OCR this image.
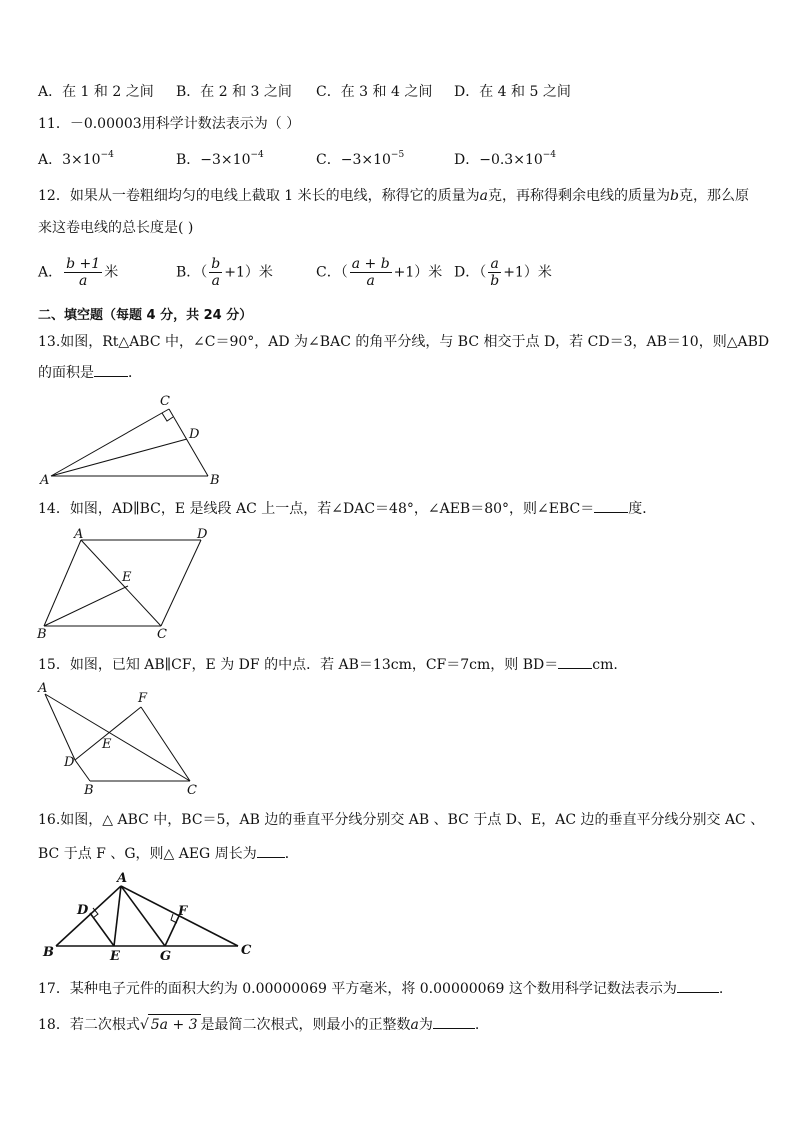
A．在 1 和 2 之间 B．在 2 和 3 之间 C．在 3 和 4 之间 D．在 4 和 5 之间
11．－0.00003用科学计数法表示为（ ）
A．$3\times 10^{-4}$	B．$-3\times 10^{-4}$	C．$-3\times 10^{-5}$	D．$-0.3\times 10^{-4}$
12．如果从一卷粗细均匀的电线上截取 1 米长的电线，称得它的质量为a克，再称得剩余电线的质量为b克，那么原
来这卷电线的总长度是( )
A． $\frac{b +1}{a}$ 米	B．（ $\frac{b}{a} +1$）米	C．（ $\frac{a + b}{a} +1$）米 D．（ $\frac{a}{b} +1$）米
二、填空题（每题 4 分，共 24 分）
13.如图，Rt△ABC 中，∠C＝90°，AD 为∠BAC 的角平分线，与 BC 相交于点 D，若 CD＝3，AB＝10，则△ABD
的面积是 ．
A	B
C
D
14．如图，AD∥BC，E 是线段 AC 上一点，若∠DAC＝48°，∠AEB＝80°，则∠EBC＝ 度．
A	D
E
B	C
15．如图，已知 AB∥CF，E 为 DF 的中点．若 AB＝13cm，CF＝7cm，则 BD＝ cm.
A
F
E
D
B	C
16.如图，△ ABC 中，BC＝5，AB 边的垂直平分线分别交 AB 、BC 于点 D、E，AC 边的垂直平分线分别交 AC 、
BC 于点 F 、G，则△ AEG 周长为 ．
A
D	F
B	E	G	C
17．某种电子元件的面积大约为 0.00000069 平方毫米，将 0.00000069 这个数用科学记数法表示为	.
18．若二次根式√ 5a + 3 是最简二次根式，则最小的正整数a为	.
